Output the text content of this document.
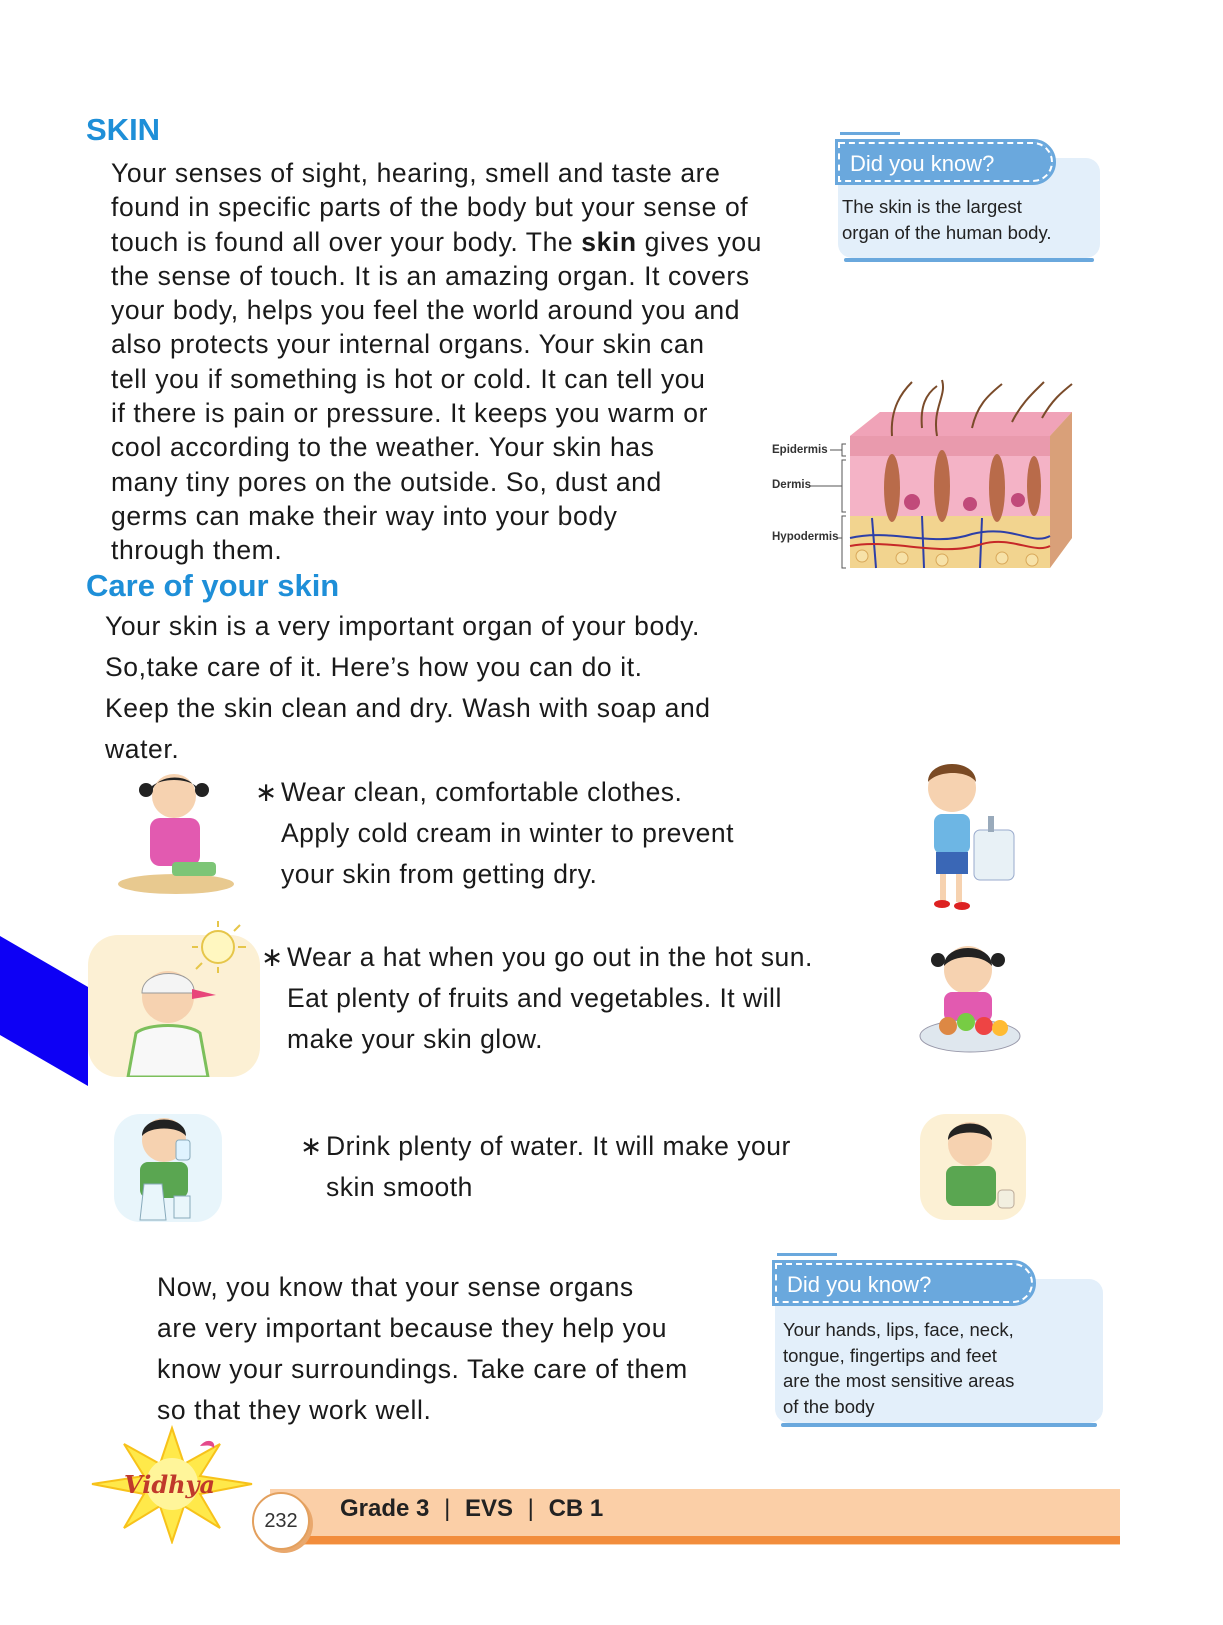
SKIN
Your senses of sight, hearing, smell and taste are
found in specific parts of the body but your sense of
touch is found all over your body. The skin gives you
the sense of touch. It is an amazing organ. It covers
your body, helps you feel the world around you and
also protects your internal organs. Your skin can
tell you if something is hot or cold. It can tell you
if there is pain or pressure. It keeps you warm or
cool according to the weather. Your skin has
many tiny pores on the outside. So, dust and
germs can make their way into your body
through them.
Did you know?
The skin is the largest
organ of the human body.
Epidermis
Dermis
Hypodermis
Care of your skin
Your skin is a very important organ of your body.
So,take care of it. Here’s how you can do it.
Keep the skin clean and dry. Wash with soap and
water.
∗ Wear clean, comfortable clothes.
Apply cold cream in winter to prevent
your skin from getting dry.
∗ Wear a hat when you go out in the hot sun.
Eat plenty of fruits and vegetables. It will
make your skin glow.
∗ Drink plenty of water. It will make your
skin smooth
Now, you know that your sense organs
are very important because they help you
know your surroundings. Take care of them
so that they work well.
Did you know?
Your hands, lips, face, neck,
tongue, fingertips and feet
are the most sensitive areas
of the body
Vidhya
232	Grade 3 | EVS | CB 1
